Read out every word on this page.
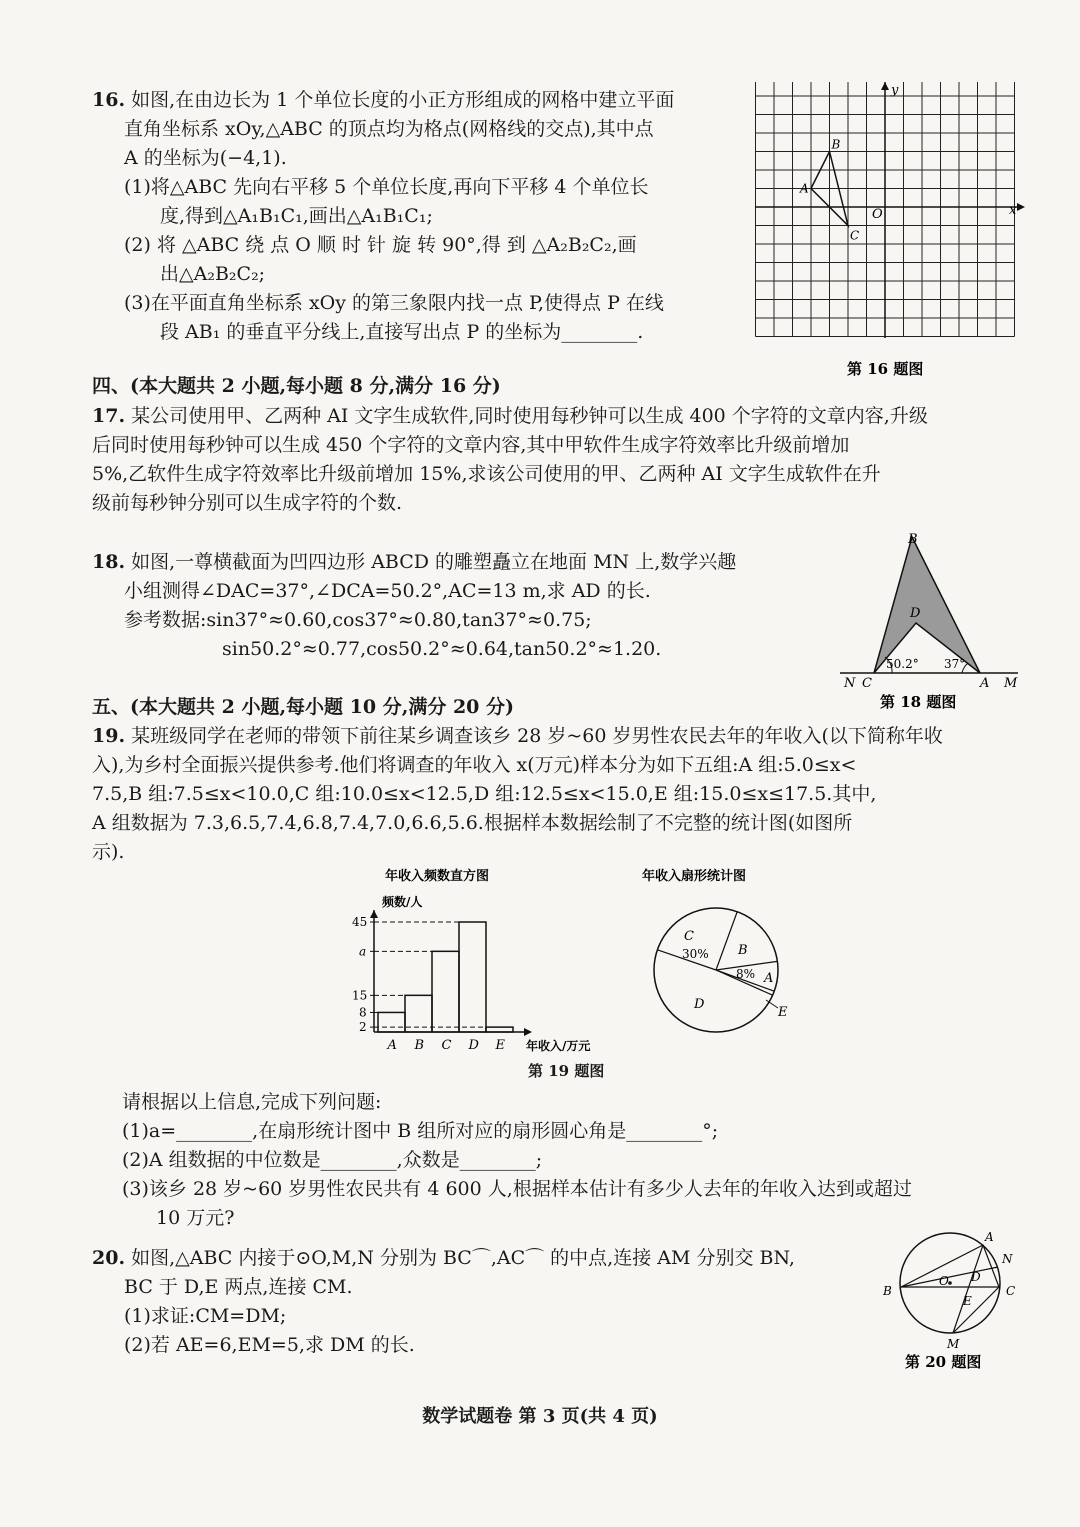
16. 如图,在由边长为 1 个单位长度的小正方形组成的网格中建立平面
直角坐标系 xOy,△ABC 的顶点均为格点(网格线的交点),其中点
A 的坐标为(−4,1).
(1)将△ABC 先向右平移 5 个单位长度,再向下平移 4 个单位长
度,得到△A₁B₁C₁,画出△A₁B₁C₁;
(2) 将 △ABC 绕 点 O 顺 时 针 旋 转 90°,得 到 △A₂B₂C₂,画
出△A₂B₂C₂;
(3)在平面直角坐标系 xOy 的第三象限内找一点 P,使得点 P 在线
段 AB₁ 的垂直平分线上,直接写出点 P 的坐标为________.
x
y
O
A
B
C
第 16 题图
四、(本大题共 2 小题,每小题 8 分,满分 16 分)
17. 某公司使用甲、乙两种 AI 文字生成软件,同时使用每秒钟可以生成 400 个字符的文章内容,升级
后同时使用每秒钟可以生成 450 个字符的文章内容,其中甲软件生成字符效率比升级前增加
5%,乙软件生成字符效率比升级前增加 15%,求该公司使用的甲、乙两种 AI 文字生成软件在升
级前每秒钟分别可以生成字符的个数.
18. 如图,一尊横截面为凹四边形 ABCD 的雕塑矗立在地面 MN 上,数学兴趣
小组测得∠DAC=37°,∠DCA=50.2°,AC=13 m,求 AD 的长.
参考数据:sin37°≈0.60,cos37°≈0.80,tan37°≈0.75;
sin50.2°≈0.77,cos50.2°≈0.64,tan50.2°≈1.20.
B
D
N C	A M
50.2° 37°
第 18 题图
五、(本大题共 2 小题,每小题 10 分,满分 20 分)
19. 某班级同学在老师的带领下前往某乡调查该乡 28 岁~60 岁男性农民去年的年收入(以下简称年收
入),为乡村全面振兴提供参考.他们将调查的年收入 x(万元)样本分为如下五组:A 组:5.0≤x<
7.5,B 组:7.5≤x<10.0,C 组:10.0≤x<12.5,D 组:12.5≤x<15.0,E 组:15.0≤x≤17.5.其中,
A 组数据为 7.3,6.5,7.4,6.8,7.4,7.0,6.6,5.6.根据样本数据绘制了不完整的统计图(如图所
示).
年收入频数直方图
频数/人
A B C D E
2
8
15
a
45
年收入/万元
年收入扇形统计图
C
B
A
E
D
30%
8%
第 19 题图
请根据以上信息,完成下列问题:
(1)a=________,在扇形统计图中 B 组所对应的扇形圆心角是________°;
(2)A 组数据的中位数是________,众数是________;
(3)该乡 28 岁~60 岁男性农民共有 4 600 人,根据样本估计有多少人去年的年收入达到或超过
10 万元?
20. 如图,△ABC 内接于⊙O,M,N 分别为 BC⌒,AC⌒ 的中点,连接 AM 分别交 BN,
BC 于 D,E 两点,连接 CM.
(1)求证:CM=DM;
(2)若 AE=6,EM=5,求 DM 的长.
A
B	C
D
E
M
N
O
第 20 题图
数学试题卷 第 3 页(共 4 页)
